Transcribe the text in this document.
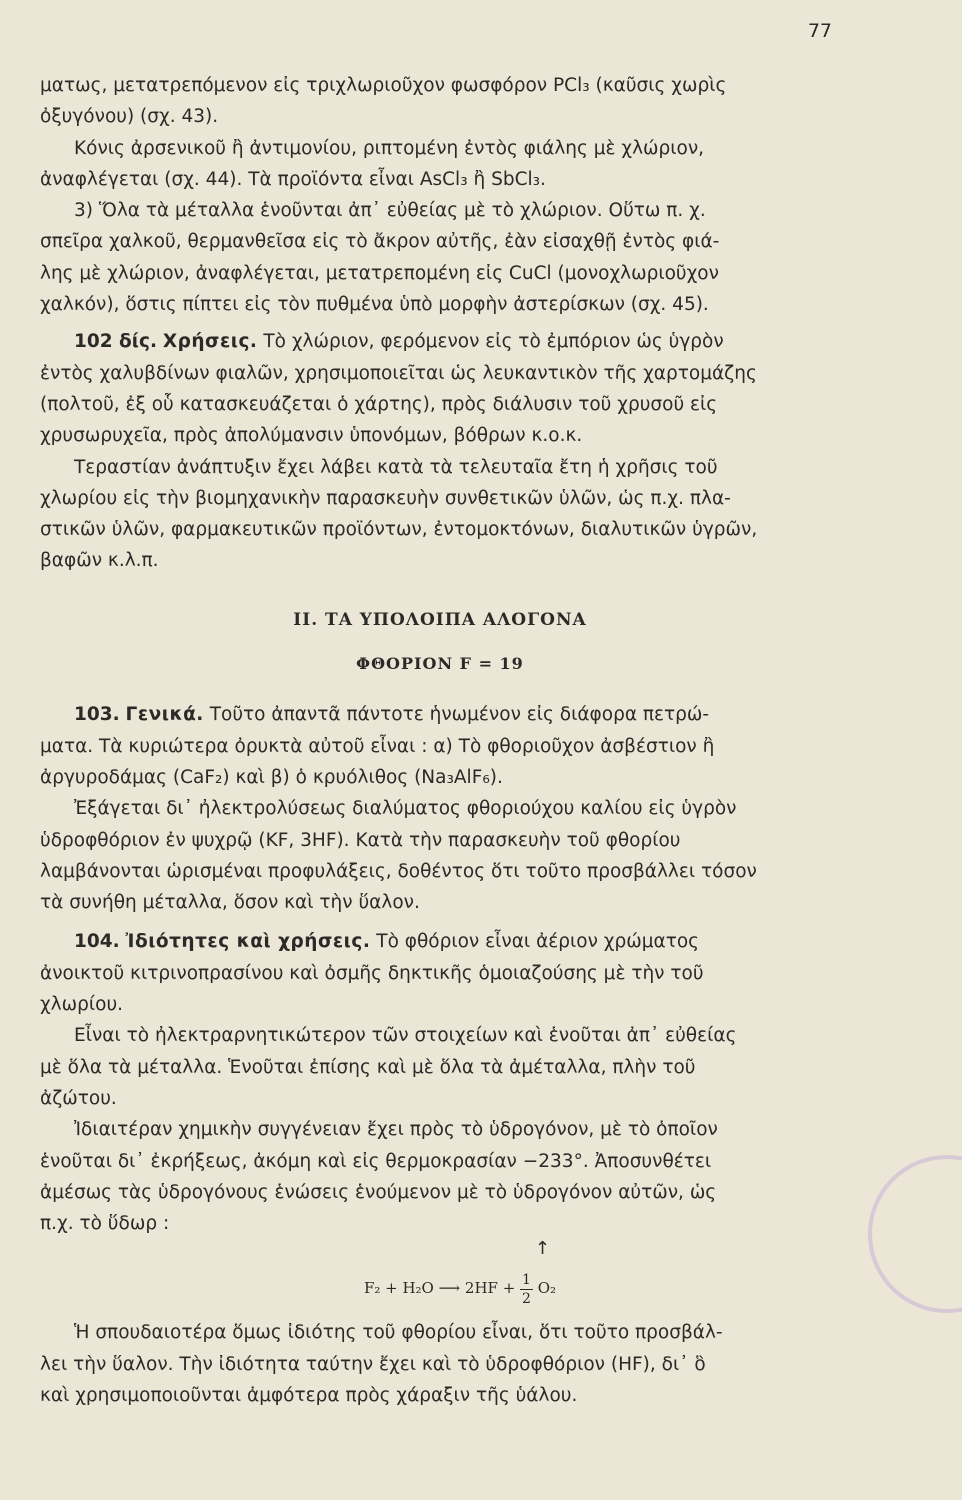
77

ματως, μετατρεπόμενον εἰς τριχλωριοῦχον φωσφόρον PCl₃ (καῦσις χωρὶς

ὀξυγόνου) (σχ. 43).

Κόνις ἀρσενικοῦ ἢ ἀντιμονίου, ριπτομένη ἐντὸς φιάλης μὲ χλώριον,

ἀναφλέγεται (σχ. 44). Τὰ προϊόντα εἶναι AsCl₃ ἢ SbCl₃.

3) Ὅλα τὰ μέταλλα ἑνοῦνται ἀπ᾽ εὐθείας μὲ τὸ χλώριον. Οὕτω π. χ.

σπεῖρα χαλκοῦ, θερμανθεῖσα εἰς τὸ ἄκρον αὐτῆς, ἐὰν εἰσαχθῇ ἐντὸς φιά-

λης μὲ χλώριον, ἀναφλέγεται, μετατρεπομένη εἰς CuCl (μονοχλωριοῦχον

χαλκόν), ὅστις πίπτει εἰς τὸν πυθμένα ὑπὸ μορφὴν ἀστερίσκων (σχ. 45).

102 δίς. Χρήσεις. Τὸ χλώριον, φερόμενον εἰς τὸ ἐμπόριον ὡς ὑγρὸν

ἐντὸς χαλυβδίνων φιαλῶν, χρησιμοποιεῖται ὡς λευκαντικὸν τῆς χαρτομάζης

(πολτοῦ, ἐξ οὗ κατασκευάζεται ὁ χάρτης), πρὸς διάλυσιν τοῦ χρυσοῦ εἰς

χρυσωρυχεῖα, πρὸς ἀπολύμανσιν ὑπονόμων, βόθρων κ.ο.κ.

Τεραστίαν ἀνάπτυξιν ἔχει λάβει κατὰ τὰ τελευταῖα ἔτη ἡ χρῆσις τοῦ

χλωρίου εἰς τὴν βιομηχανικὴν παρασκευὴν συνθετικῶν ὑλῶν, ὡς π.χ. πλα-

στικῶν ὑλῶν, φαρμακευτικῶν προϊόντων, ἐντομοκτόνων, διαλυτικῶν ὑγρῶν,

βαφῶν κ.λ.π.

II. ΤΑ ΥΠΟΛΟΙΠΑ ΑΛΟΓΟΝΑ

ΦΘΟΡΙΟΝ F = 19

103. Γενικά. Τοῦτο ἀπαντᾶ πάντοτε ἡνωμένον εἰς διάφορα πετρώ-

ματα. Τὰ κυριώτερα ὀρυκτὰ αὐτοῦ εἶναι : α) Τὸ φθοριοῦχον ἀσβέστιον ἢ

ἀργυροδάμας (CaF₂) καὶ β) ὁ κρυόλιθος (Na₃AlF₆).

Ἐξάγεται δι᾽ ἠλεκτρολύσεως διαλύματος φθοριούχου καλίου εἰς ὑγρὸν

ὑδροφθόριον ἐν ψυχρῷ (KF, 3HF). Κατὰ τὴν παρασκευὴν τοῦ φθορίου

λαμβάνονται ὡρισμέναι προφυλάξεις, δοθέντος ὅτι τοῦτο προσβάλλει τόσον

τὰ συνήθη μέταλλα, ὅσον καὶ τὴν ὕαλον.

104. Ἰδιότητες καὶ χρήσεις. Τὸ φθόριον εἶναι ἀέριον χρώματος

ἀνοικτοῦ κιτρινοπρασίνου καὶ ὀσμῆς δηκτικῆς ὁμοιαζούσης μὲ τὴν τοῦ

χλωρίου.

Εἶναι τὸ ἠλεκτραρνητικώτερον τῶν στοιχείων καὶ ἑνοῦται ἀπ᾽ εὐθείας

μὲ ὅλα τὰ μέταλλα. Ἑνοῦται ἐπίσης καὶ μὲ ὅλα τὰ ἀμέταλλα, πλὴν τοῦ

ἀζώτου.

Ἰδιαιτέραν χημικὴν συγγένειαν ἔχει πρὸς τὸ ὑδρογόνον, μὲ τὸ ὁποῖον

ἑνοῦται δι᾽ ἐκρήξεως, ἀκόμη καὶ εἰς θερμοκρασίαν −233°. Ἀποσυνθέτει

ἀμέσως τὰς ὑδρογόνους ἑνώσεις ἑνούμενον μὲ τὸ ὑδρογόνον αὐτῶν, ὡς

π.χ. τὸ ὕδωρ :

↑
F₂ + H₂O ⟶ $2HF + \frac{1}{2} O_2$

Ἡ σπουδαιοτέρα ὅμως ἰδιότης τοῦ φθορίου εἶναι, ὅτι τοῦτο προσβάλ-

λει τὴν ὕαλον. Τὴν ἰδιότητα ταύτην ἔχει καὶ τὸ ὑδροφθόριον (HF), δι᾽ ὃ

καὶ χρησιμοποιοῦνται ἀμφότερα πρὸς χάραξιν τῆς ὑάλου.
